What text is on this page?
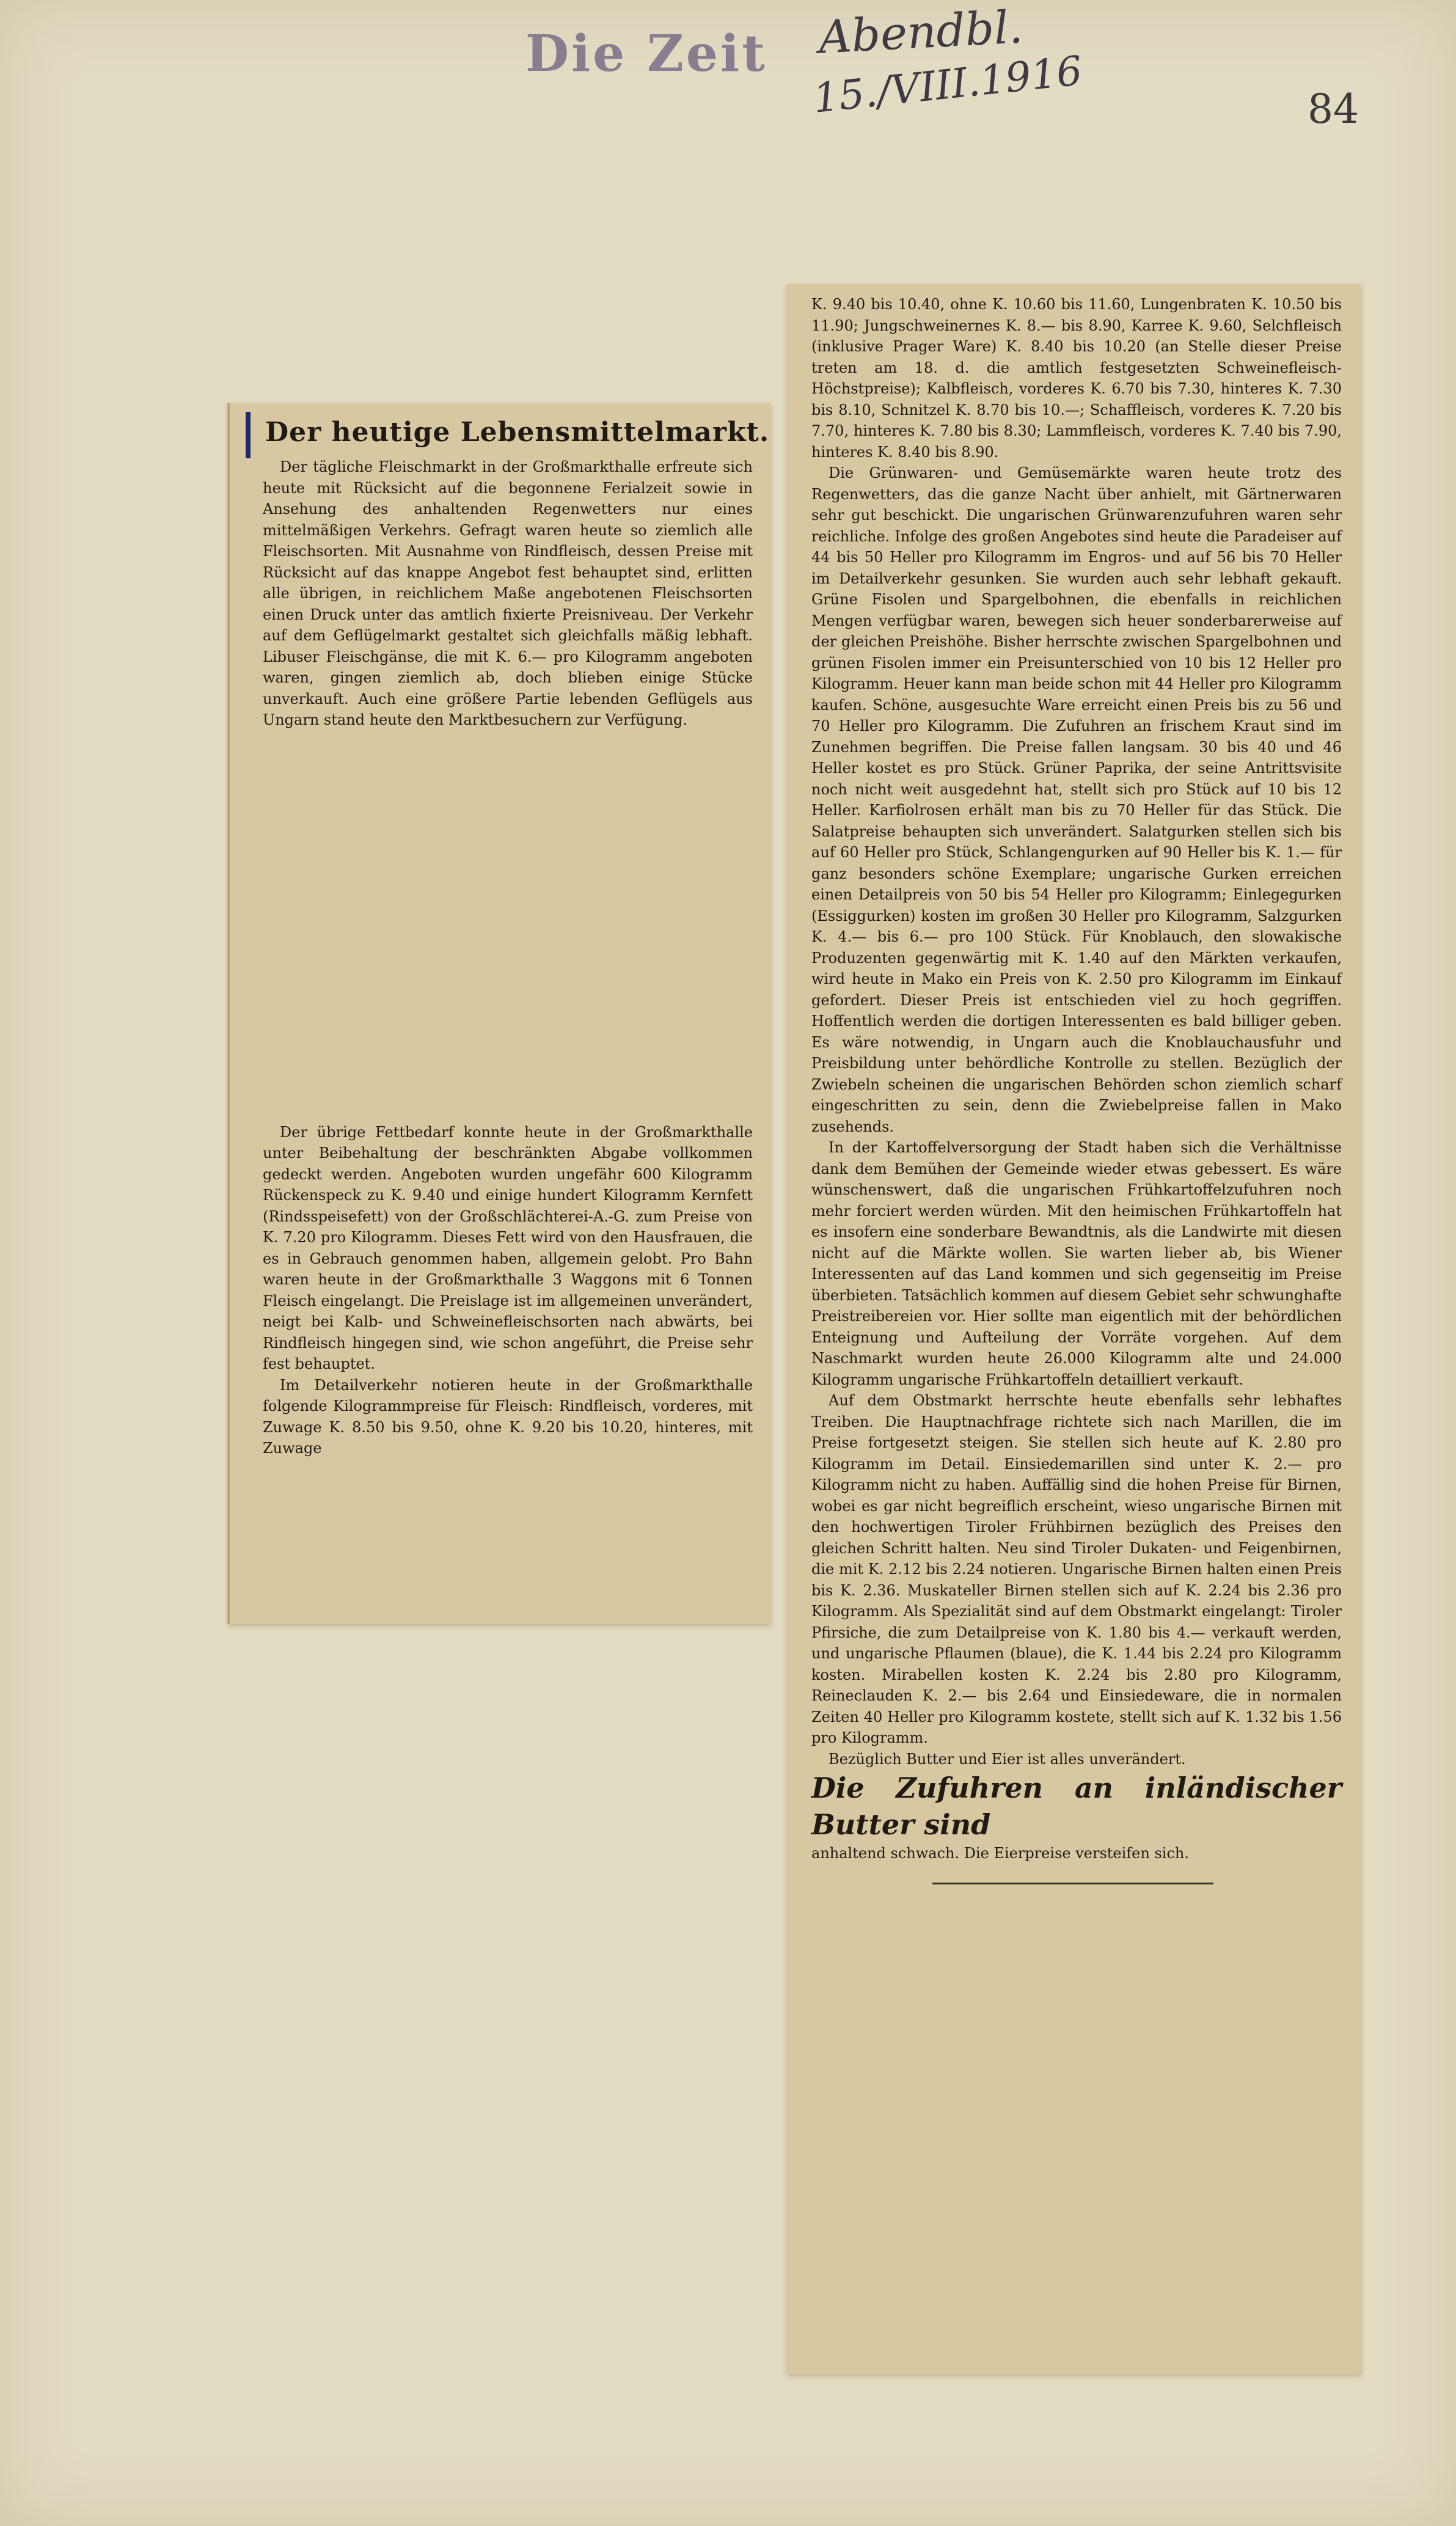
Die Zeit Abendbl.
15./VIII.1916	84
Der heutige Lebensmittelmarkt.

Der tägliche Fleischmarkt in der Großmarkthalle erfreute sich heute mit Rücksicht auf die begonnene Ferialzeit sowie in Ansehung des anhaltenden Regenwetters nur eines mittelmäßigen Verkehrs. Gefragt waren heute so ziemlich alle Fleischsorten. Mit Ausnahme von Rindfleisch, dessen Preise mit Rücksicht auf das knappe Angebot fest behauptet sind, erlitten alle übrigen, in reichlichem Maße angebotenen Fleischsorten einen Druck unter das amtlich fixierte Preisniveau. Der Verkehr auf dem Geflügelmarkt gestaltet sich gleichfalls mäßig lebhaft. Libuser Fleischgänse, die mit K. 6.— pro Kilogramm angeboten waren, gingen ziemlich ab, doch blieben einige Stücke unverkauft. Auch eine größere Partie lebenden Geflügels aus Ungarn stand heute den Marktbesuchern zur Verfügung.

Der übrige Fettbedarf konnte heute in der Großmarkthalle unter Beibehaltung der beschränkten Abgabe vollkommen gedeckt werden. Angeboten wurden ungefähr 600 Kilogramm Rückenspeck zu K. 9.40 und einige hundert Kilogramm Kernfett (Rindsspeisefett) von der Großschlächterei-A.-G. zum Preise von K. 7.20 pro Kilogramm. Dieses Fett wird von den Hausfrauen, die es in Gebrauch genommen haben, allgemein gelobt. Pro Bahn waren heute in der Großmarkthalle 3 Waggons mit 6 Tonnen Fleisch eingelangt. Die Preislage ist im allgemeinen unverändert, neigt bei Kalb- und Schweinefleischsorten nach abwärts, bei Rindfleisch hingegen sind, wie schon angeführt, die Preise sehr fest behauptet.

Im Detailverkehr notieren heute in der Großmarkthalle folgende Kilogrammpreise für Fleisch: Rindfleisch, vorderes, mit Zuwage K. 8.50 bis 9.50, ohne K. 9.20 bis 10.20, hinteres, mit Zuwage

K. 9.40 bis 10.40, ohne K. 10.60 bis 11.60, Lungenbraten K. 10.50 bis 11.90; Jungschweinernes K. 8.— bis 8.90, Karree K. 9.60, Selchfleisch (inklusive Prager Ware) K. 8.40 bis 10.20 (an Stelle dieser Preise treten am 18. d. die amtlich festgesetzten Schweinefleisch-Höchstpreise); Kalbfleisch, vorderes K. 6.70 bis 7.30, hinteres K. 7.30 bis 8.10, Schnitzel K. 8.70 bis 10.—; Schaffleisch, vorderes K. 7.20 bis 7.70, hinteres K. 7.80 bis 8.30; Lammfleisch, vorderes K. 7.40 bis 7.90, hinteres K. 8.40 bis 8.90.

Die Grünwaren- und Gemüsemärkte waren heute trotz des Regenwetters, das die ganze Nacht über anhielt, mit Gärtnerwaren sehr gut beschickt. Die ungarischen Grünwarenzufuhren waren sehr reichliche. Infolge des großen Angebotes sind heute die Paradeiser auf 44 bis 50 Heller pro Kilogramm im Engros- und auf 56 bis 70 Heller im Detailverkehr gesunken. Sie wurden auch sehr lebhaft gekauft. Grüne Fisolen und Spargelbohnen, die ebenfalls in reichlichen Mengen verfügbar waren, bewegen sich heuer sonderbarerweise auf der gleichen Preishöhe. Bisher herrschte zwischen Spargelbohnen und grünen Fisolen immer ein Preisunterschied von 10 bis 12 Heller pro Kilogramm. Heuer kann man beide schon mit 44 Heller pro Kilogramm kaufen. Schöne, ausgesuchte Ware erreicht einen Preis bis zu 56 und 70 Heller pro Kilogramm. Die Zufuhren an frischem Kraut sind im Zunehmen begriffen. Die Preise fallen langsam. 30 bis 40 und 46 Heller kostet es pro Stück. Grüner Paprika, der seine Antrittsvisite noch nicht weit ausgedehnt hat, stellt sich pro Stück auf 10 bis 12 Heller. Karfiolrosen erhält man bis zu 70 Heller für das Stück. Die Salatpreise behaupten sich unverändert. Salatgurken stellen sich bis auf 60 Heller pro Stück, Schlangengurken auf 90 Heller bis K. 1.— für ganz besonders schöne Exemplare; ungarische Gurken erreichen einen Detailpreis von 50 bis 54 Heller pro Kilogramm; Einlegegurken (Essiggurken) kosten im großen 30 Heller pro Kilogramm, Salzgurken K. 4.— bis 6.— pro 100 Stück. Für Knoblauch, den slowakische Produzenten gegenwärtig mit K. 1.40 auf den Märkten verkaufen, wird heute in Mako ein Preis von K. 2.50 pro Kilogramm im Einkauf gefordert. Dieser Preis ist entschieden viel zu hoch gegriffen. Hoffentlich werden die dortigen Interessenten es bald billiger geben. Es wäre notwendig, in Ungarn auch die Knoblauchausfuhr und Preisbildung unter behördliche Kontrolle zu stellen. Bezüglich der Zwiebeln scheinen die ungarischen Behörden schon ziemlich scharf eingeschritten zu sein, denn die Zwiebelpreise fallen in Mako zusehends.

In der Kartoffelversorgung der Stadt haben sich die Verhältnisse dank dem Bemühen der Gemeinde wieder etwas gebessert. Es wäre wünschenswert, daß die ungarischen Frühkartoffelzufuhren noch mehr forciert werden würden. Mit den heimischen Frühkartoffeln hat es insofern eine sonderbare Bewandtnis, als die Landwirte mit diesen nicht auf die Märkte wollen. Sie warten lieber ab, bis Wiener Interessenten auf das Land kommen und sich gegenseitig im Preise überbieten. Tatsächlich kommen auf diesem Gebiet sehr schwunghafte Preistreibereien vor. Hier sollte man eigentlich mit der behördlichen Enteignung und Aufteilung der Vorräte vorgehen. Auf dem Naschmarkt wurden heute 26.000 Kilogramm alte und 24.000 Kilogramm ungarische Frühkartoffeln detailliert verkauft.

Auf dem Obstmarkt herrschte heute ebenfalls sehr lebhaftes Treiben. Die Hauptnachfrage richtete sich nach Marillen, die im Preise fortgesetzt steigen. Sie stellen sich heute auf K. 2.80 pro Kilogramm im Detail. Einsiedemarillen sind unter K. 2.— pro Kilogramm nicht zu haben. Auffällig sind die hohen Preise für Birnen, wobei es gar nicht begreiflich erscheint, wieso ungarische Birnen mit den hochwertigen Tiroler Frühbirnen bezüglich des Preises den gleichen Schritt halten. Neu sind Tiroler Dukaten- und Feigenbirnen, die mit K. 2.12 bis 2.24 notieren. Ungarische Birnen halten einen Preis bis K. 2.36. Muskateller Birnen stellen sich auf K. 2.24 bis 2.36 pro Kilogramm. Als Spezialität sind auf dem Obstmarkt eingelangt: Tiroler Pfirsiche, die zum Detailpreise von K. 1.80 bis 4.— verkauft werden, und ungarische Pflaumen (blaue), die K. 1.44 bis 2.24 pro Kilogramm kosten. Mirabellen kosten K. 2.24 bis 2.80 pro Kilogramm, Reineclauden K. 2.— bis 2.64 und Einsiedeware, die in normalen Zeiten 40 Heller pro Kilogramm kostete, stellt sich auf K. 1.32 bis 1.56 pro Kilogramm.

Bezüglich Butter und Eier ist alles unverändert.

Die Zufuhren an inländischer Butter sind

anhaltend schwach. Die Eierpreise versteifen sich.
